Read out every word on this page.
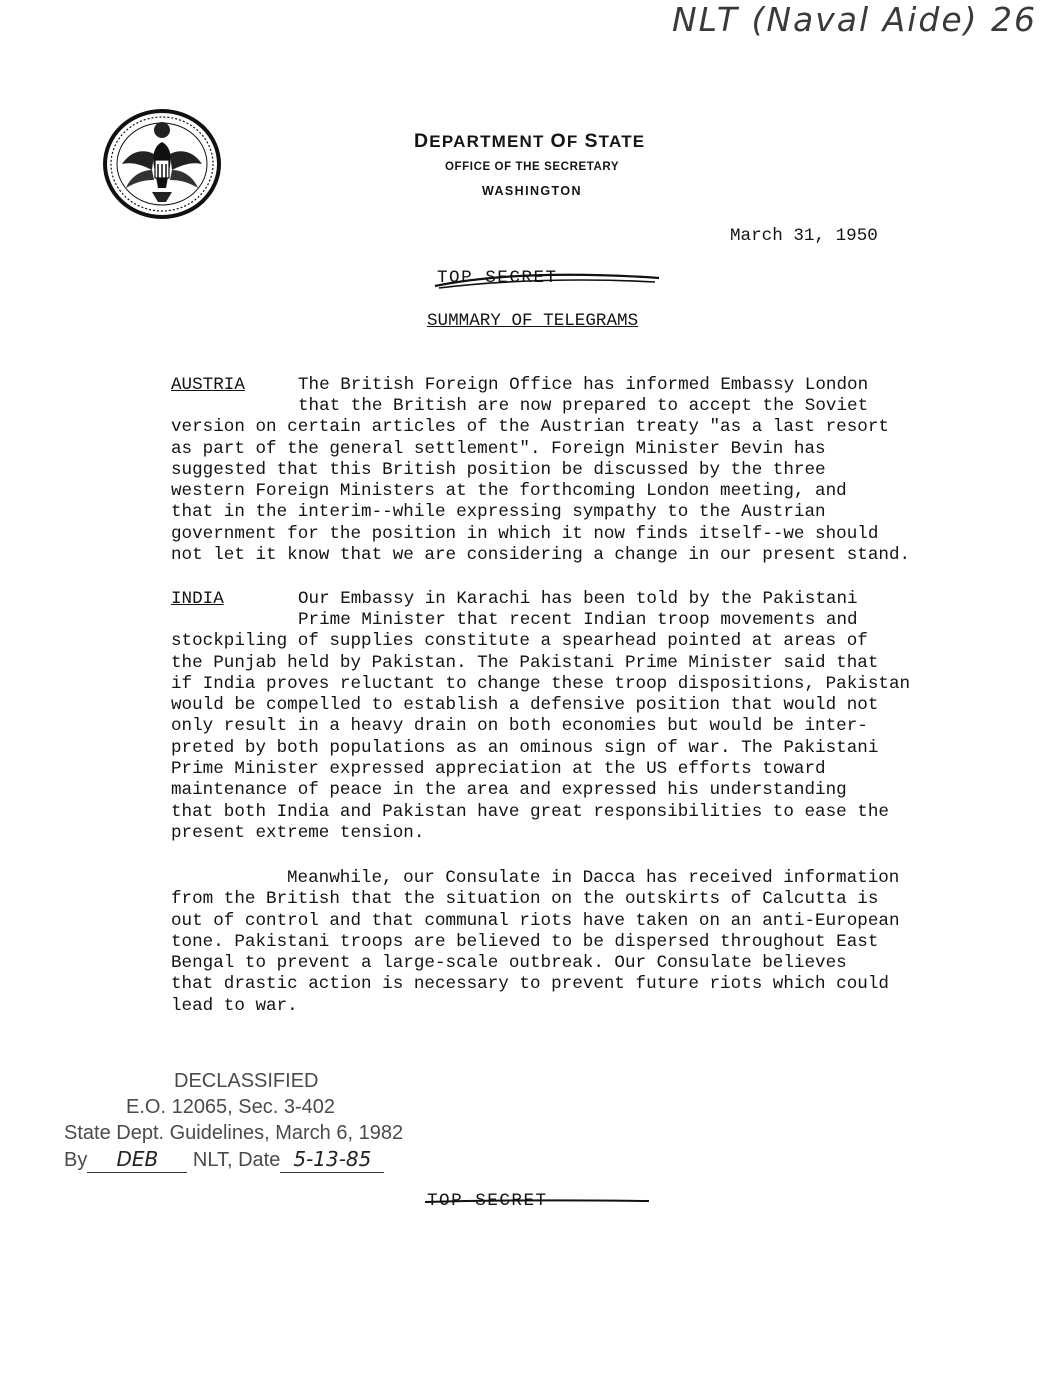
NLT (Naval Aide) 26
DEPARTMENT OF STATE
OFFICE OF THE SECRETARY
WASHINGTON
March 31, 1950
TOP SECRET
SUMMARY OF TELEGRAMS
AUSTRIA	The British Foreign Office has informed Embassy London
that the British are now prepared to accept the Soviet
version on certain articles of the Austrian treaty "as a last resort
as part of the general settlement". Foreign Minister Bevin has
suggested that this British position be discussed by the three
western Foreign Ministers at the forthcoming London meeting, and
that in the interim--while expressing sympathy to the Austrian
government for the position in which it now finds itself--we should
not let it know that we are considering a change in our present stand.
INDIA	Our Embassy in Karachi has been told by the Pakistani
Prime Minister that recent Indian troop movements and
stockpiling of supplies constitute a spearhead pointed at areas of
the Punjab held by Pakistan. The Pakistani Prime Minister said that
if India proves reluctant to change these troop dispositions, Pakistan
would be compelled to establish a defensive position that would not
only result in a heavy drain on both economies but would be inter-
preted by both populations as an ominous sign of war. The Pakistani
Prime Minister expressed appreciation at the US efforts toward
maintenance of peace in the area and expressed his understanding
that both India and Pakistan have great responsibilities to ease the
present extreme tension.
Meanwhile, our Consulate in Dacca has received information
from the British that the situation on the outskirts of Calcutta is
out of control and that communal riots have taken on an anti-European
tone. Pakistani troops are believed to be dispersed throughout East
Bengal to prevent a large-scale outbreak. Our Consulate believes
that drastic action is necessary to prevent future riots which could
lead to war.
DECLASSIFIED
E.O. 12065, Sec. 3-402
State Dept. Guidelines, March 6, 1982
By DEB NLT, Date 5-13-85
TOP SECRET
